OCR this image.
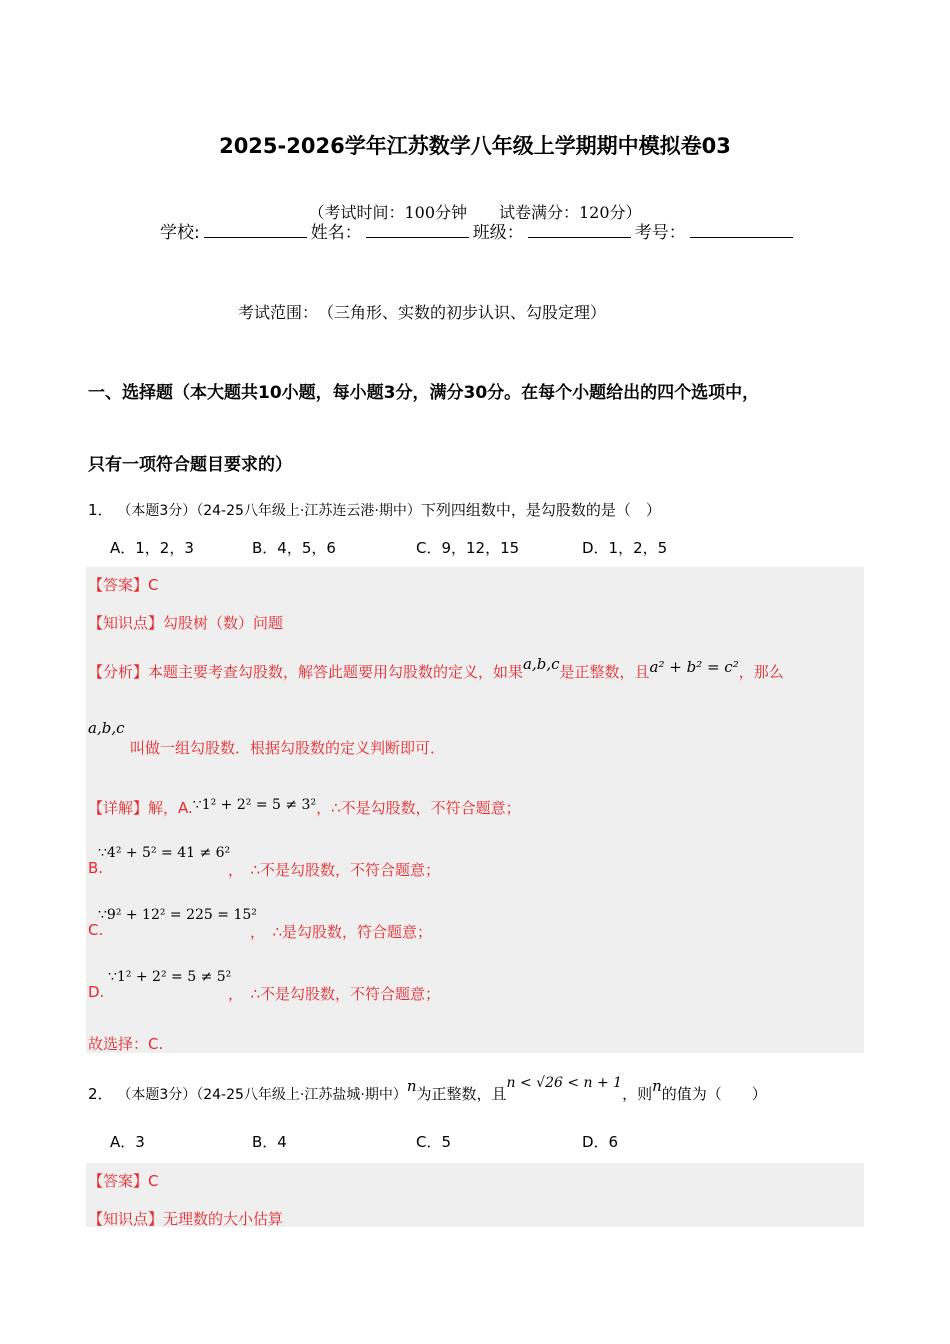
2025-2026学年江苏数学八年级上学期期中模拟卷03
（考试时间：100分钟　　试卷满分：120分）
学校:	姓名：	班级：	考号：
考试范围：　（三角形、实数的初步认识、勾股定理）
一、选择题（本大题共10小题，每小题3分，满分30分。在每个小题给出的四个选项中，
只有一项符合题目要求的）
1． （本题3分）（24-25八年级上·江苏连云港·期中）下列四组数中，是勾股数的是（　）
A．1，2，3	B．4，5，6	C．9，12，15	D．1，2，5
【答案】C
【知识点】勾股树（数）问题
【分析】本题主要考查勾股数，解答此题要用勾股数的定义，如果a,b,c是正整数，且a² + b² = c²，那么
a,b,c
叫做一组勾股数．根据勾股数的定义判断即可．
【详解】解，A.∵1² + 2² = 5 ≠ 3²，∴不是勾股数，不符合题意；
∵4² + 5² = 41 ≠ 6²
B.	，　∴不是勾股数，不符合题意；
∵9² + 12² = 225 = 15²
C.	，　∴是勾股数，符合题意；
∵1² + 2² = 5 ≠ 5²
D.	，　∴不是勾股数，不符合题意；
故选择：C.
2． （本题3分）（24-25八年级上·江苏盐城·期中）n为正整数，且n < √26 < n + 1，则n的值为（　　）
A．3	B．4	C．5	D．6
【答案】C
【知识点】无理数的大小估算
